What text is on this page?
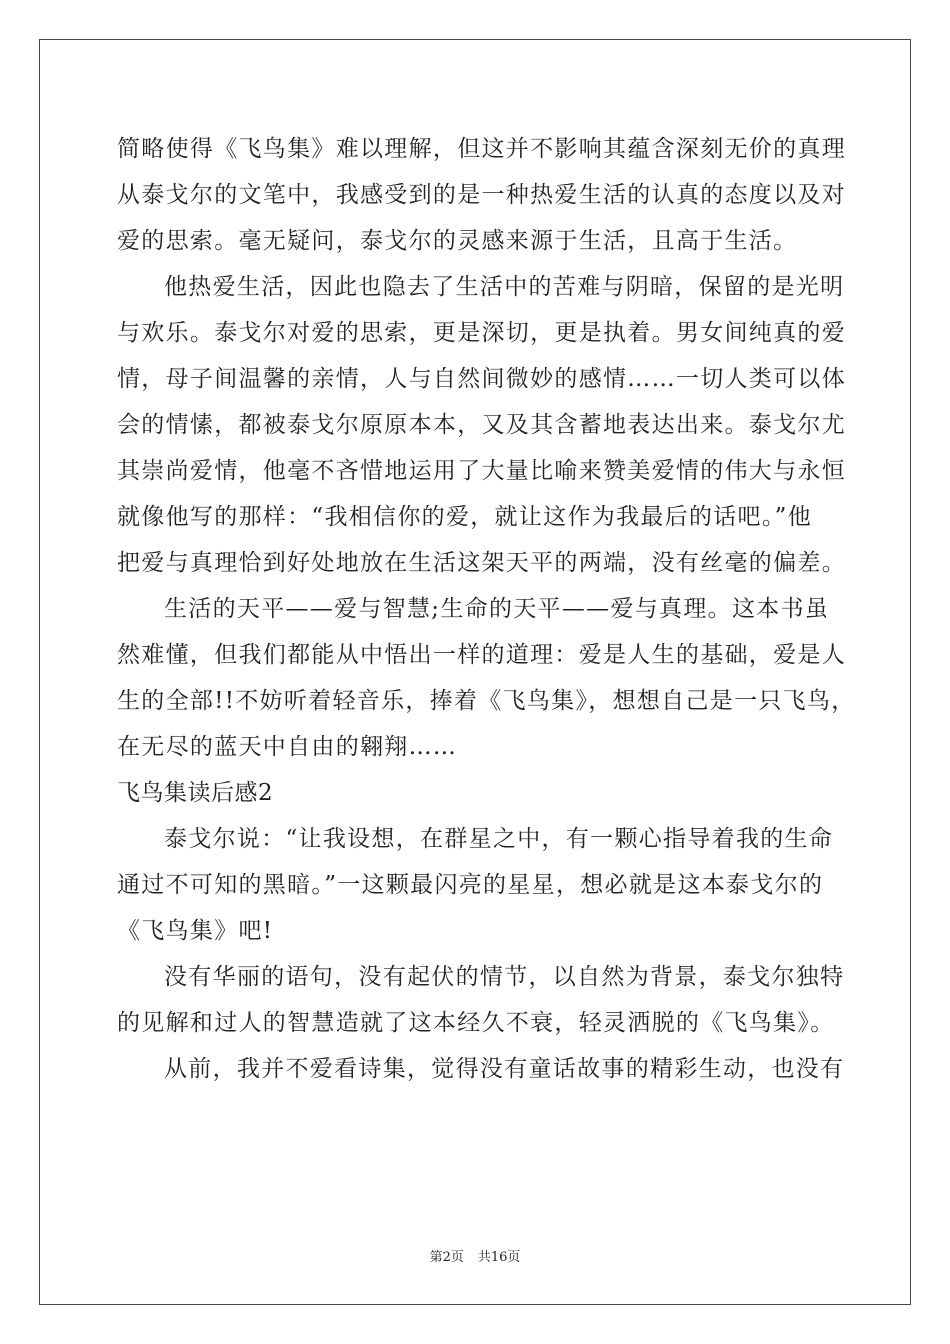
简略使得《飞鸟集》难以理解，但这并不影响其蕴含深刻无价的真理
从泰戈尔的文笔中，我感受到的是一种热爱生活的认真的态度以及对
爱的思索。毫无疑问，泰戈尔的灵感来源于生活，且高于生活。
他热爱生活，因此也隐去了生活中的苦难与阴暗，保留的是光明
与欢乐。泰戈尔对爱的思索，更是深切，更是执着。男女间纯真的爱
情，母子间温馨的亲情，人与自然间微妙的感情……一切人类可以体
会的情愫，都被泰戈尔原原本本，又及其含蓄地表达出来。泰戈尔尤
其崇尚爱情，他毫不吝惜地运用了大量比喻来赞美爱情的伟大与永恒
就像他写的那样：“我相信你的爱，就让这作为我最后的话吧。”他
把爱与真理恰到好处地放在生活这架天平的两端，没有丝毫的偏差。
生活的天平——爱与智慧;生命的天平——爱与真理。这本书虽
然难懂，但我们都能从中悟出一样的道理：爱是人生的基础，爱是人
生的全部!!不妨听着轻音乐，捧着《飞鸟集》，想想自己是一只飞鸟，
在无尽的蓝天中自由的翱翔……
飞鸟集读后感2
泰戈尔说：“让我设想，在群星之中，有一颗心指导着我的生命
通过不可知的黑暗。”一这颗最闪亮的星星，想必就是这本泰戈尔的
《飞鸟集》吧!
没有华丽的语句，没有起伏的情节，以自然为背景，泰戈尔独特
的见解和过人的智慧造就了这本经久不衰，轻灵洒脱的《飞鸟集》。
从前，我并不爱看诗集，觉得没有童话故事的精彩生动，也没有
第2页 共16页
